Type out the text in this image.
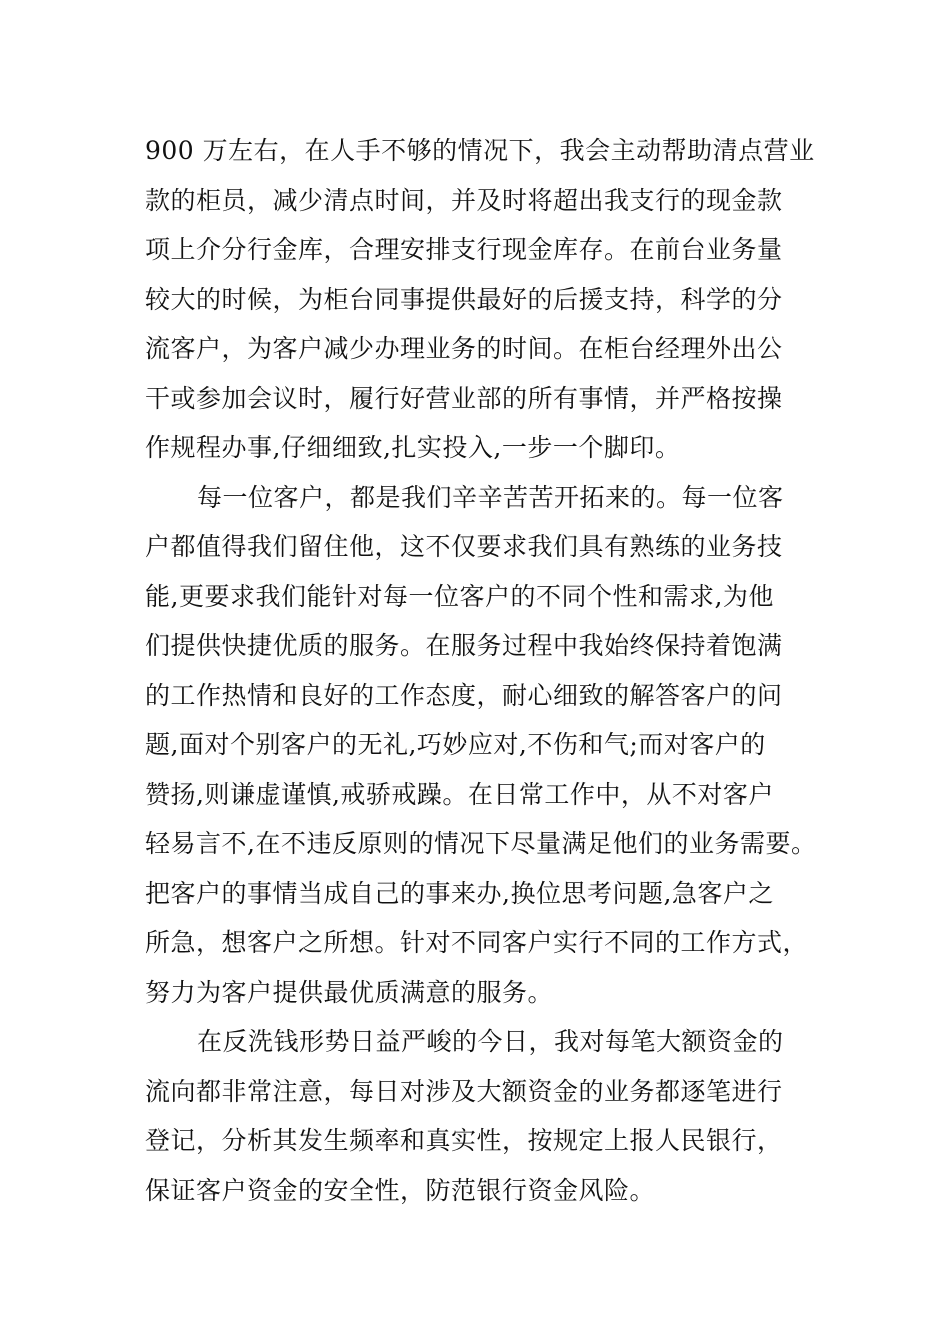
900 万左右，在人手不够的情况下，我会主动帮助清点营业
款的柜员，减少清点时间，并及时将超出我支行的现金款
项上介分行金库，合理安排支行现金库存。在前台业务量
较大的时候，为柜台同事提供最好的后援支持，科学的分
流客户，为客户减少办理业务的时间。在柜台经理外出公
干或参加会议时，履行好营业部的所有事情，并严格按操
作规程办事,仔细细致,扎实投入,一步一个脚印。
每一位客户，都是我们辛辛苦苦开拓来的。每一位客
户都值得我们留住他，这不仅要求我们具有熟练的业务技
能,更要求我们能针对每一位客户的不同个性和需求,为他
们提供快捷优质的服务。在服务过程中我始终保持着饱满
的工作热情和良好的工作态度，耐心细致的解答客户的问
题,面对个别客户的无礼,巧妙应对,不伤和气;而对客户的
赞扬,则谦虚谨慎,戒骄戒躁。在日常工作中，从不对客户
轻易言不,在不违反原则的情况下尽量满足他们的业务需要。
把客户的事情当成自己的事来办,换位思考问题,急客户之
所急，想客户之所想。针对不同客户实行不同的工作方式，
努力为客户提供最优质满意的服务。
在反洗钱形势日益严峻的今日，我对每笔大额资金的
流向都非常注意，每日对涉及大额资金的业务都逐笔进行
登记，分析其发生频率和真实性，按规定上报人民银行，
保证客户资金的安全性，防范银行资金风险。
